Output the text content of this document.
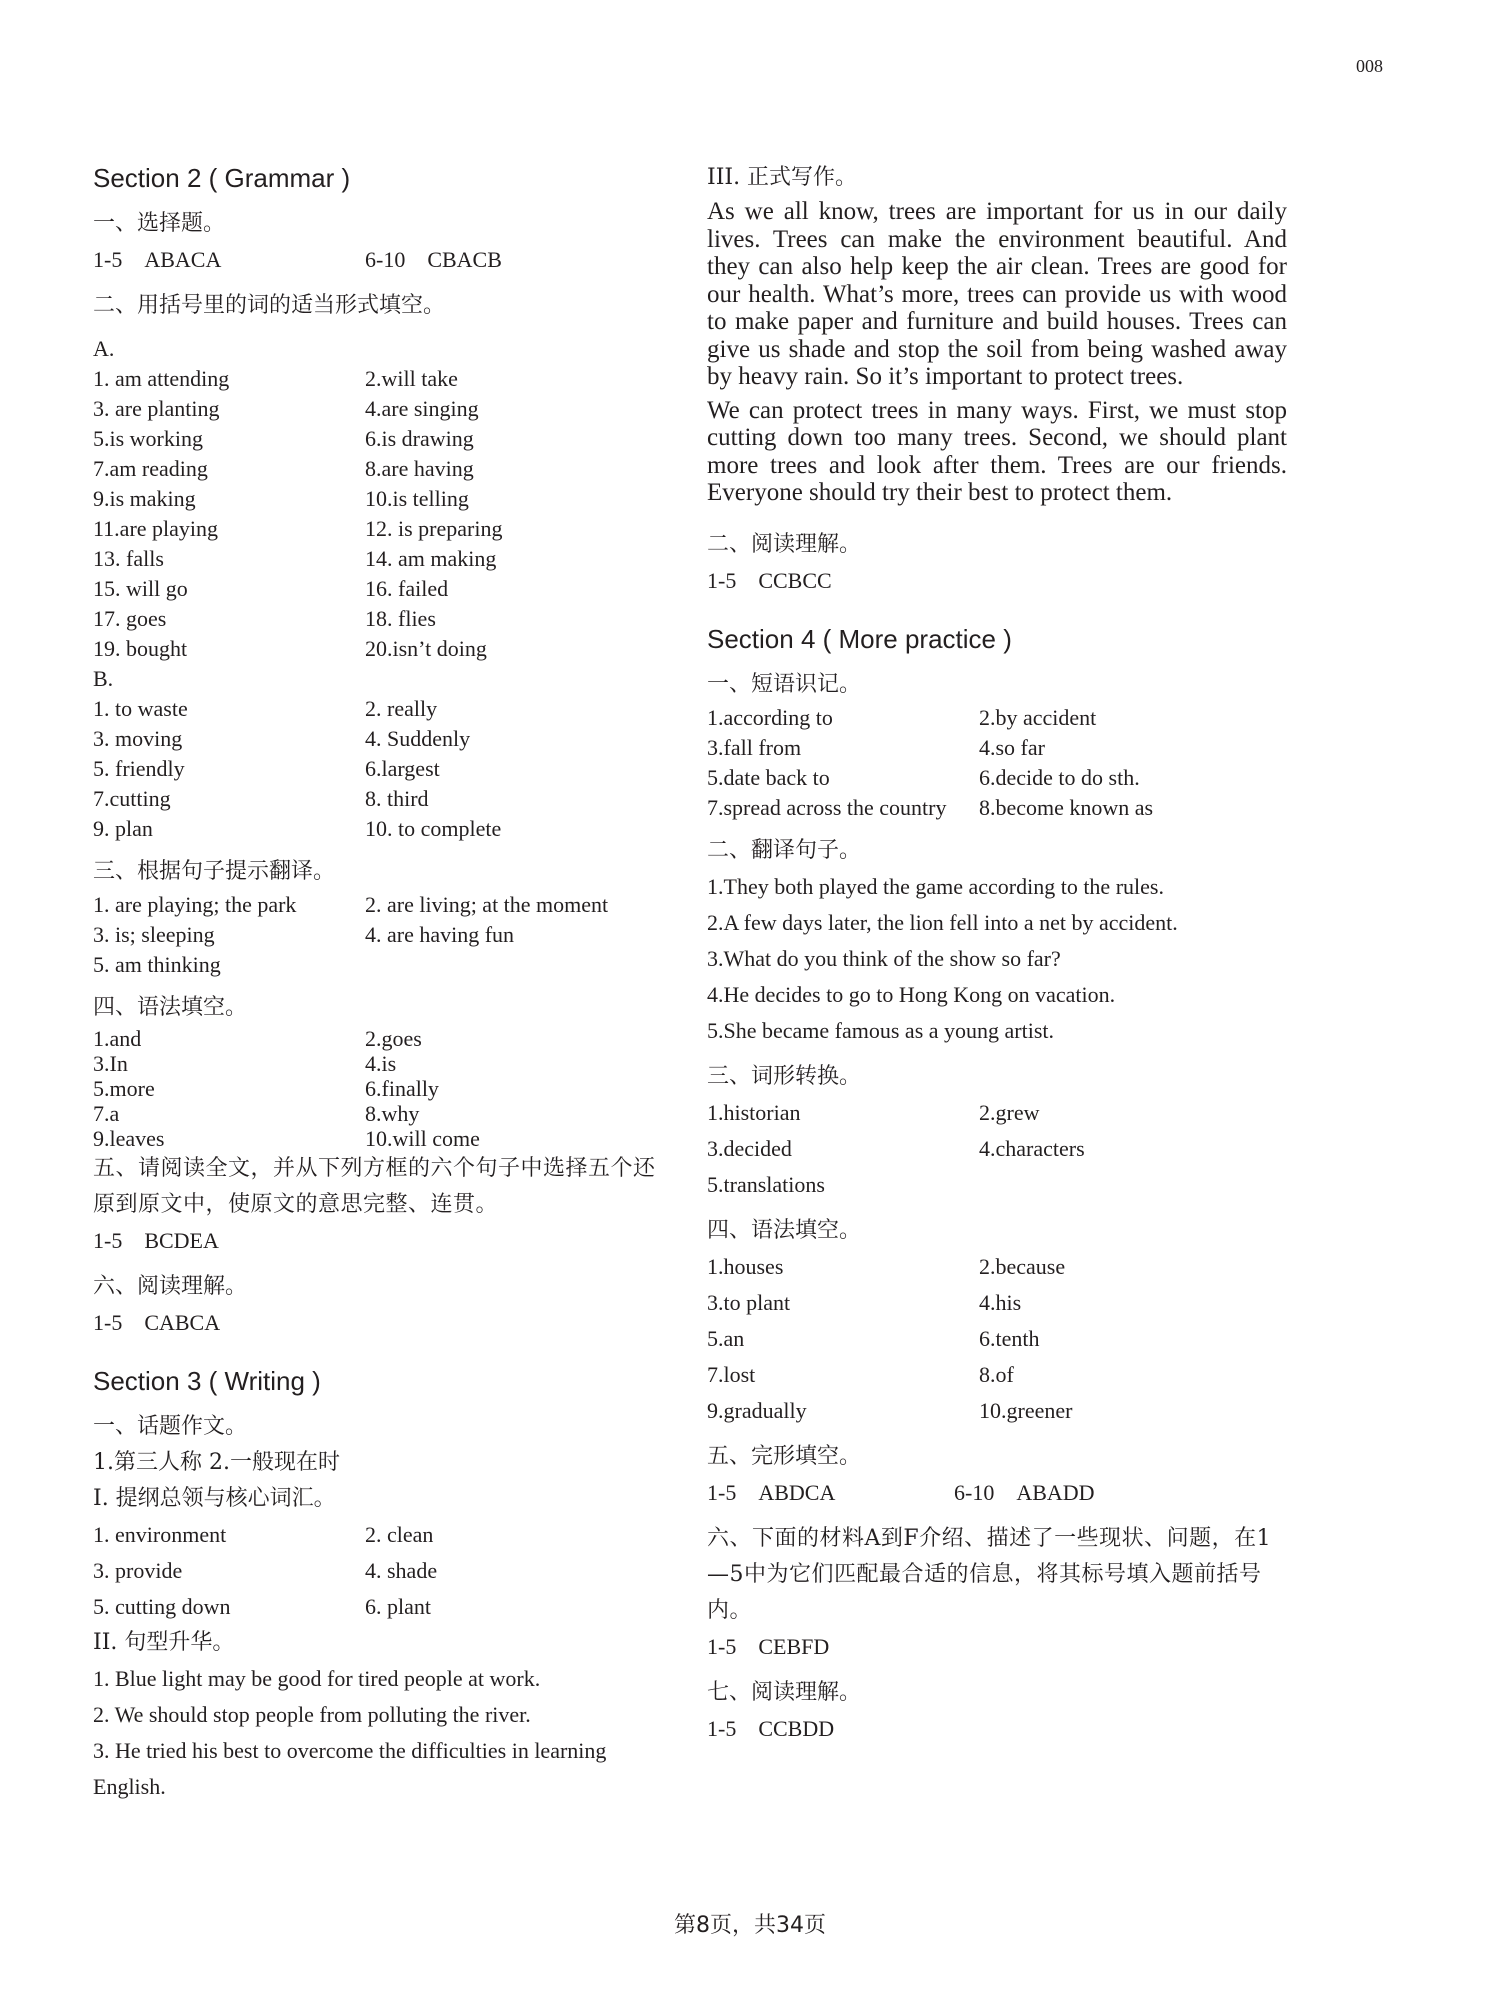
008
Section 2 ( Grammar )
一、选择题。
1-5　ABACA	6-10　CBACB
二、用括号里的词的适当形式填空。
A.
1. am attending	2.will take
3. are planting	4.are singing
5.is working	6.is drawing
7.am reading	8.are having
9.is making	10.is telling
11.are playing	12. is preparing
13. falls	14. am making
15. will go	16. failed
17. goes	18. flies
19. bought	20.isn’t doing
B.
1. to waste	2. really
3. moving	4. Suddenly
5. friendly	6.largest
7.cutting	8. third
9. plan	10. to complete
三、根据句子提示翻译。
1. are playing; the park	2. are living; at the moment
3. is; sleeping	4. are having fun
5. am thinking
四、语法填空。
1.and	2.goes
3.In	4.is
5.more	6.finally
7.a	8.why
9.leaves	10.will come
五、请阅读全文，并从下列方框的六个句子中选择五个还原到原文中，使原文的意思完整、连贯。
1-5　BCDEA
六、阅读理解。
1-5　CABCA
Section 3 ( Writing )
一、话题作文。
1.第三人称 2.一般现在时
I. 提纲总领与核心词汇。
1. environment	2. clean
3. provide	4. shade
5. cutting down	6. plant
II. 句型升华。
1. Blue light may be good for tired people at work.
2. We should stop people from polluting the river.
3. He tried his best to overcome the difficulties in learning English.
III. 正式写作。

As we all know, trees are important for us in our daily lives. Trees can make the environment beautiful. And they can also help keep the air clean. Trees are good for our health. What’s more, trees can provide us with wood to make paper and furniture and build houses. Trees can give us shade and stop the soil from being washed away by heavy rain. So it’s important to protect trees.

We can protect trees in many ways. First, we must stop cutting down too many trees. Second, we should plant more trees and look after them. Trees are our friends. Everyone should try their best to protect them.

二、阅读理解。
1-5　CCBCC
Section 4 ( More practice )
一、短语识记。
1.according to	2.by accident
3.fall from	4.so far
5.date back to	6.decide to do sth.
7.spread across the country	8.become known as
二、翻译句子。
1.They both played the game according to the rules.
2.A few days later, the lion fell into a net by accident.
3.What do you think of the show so far?
4.He decides to go to Hong Kong on vacation.
5.She became famous as a young artist.
三、词形转换。
1.historian	2.grew
3.decided	4.characters
5.translations
四、语法填空。
1.houses	2.because
3.to plant	4.his
5.an	6.tenth
7.lost	8.of
9.gradually	10.greener
五、完形填空。
1-5　ABDCA	6-10　ABADD
六、下面的材料A到F介绍、描述了一些现状、问题，在1—5中为它们匹配最合适的信息，将其标号填入题前括号内。
1-5　CEBFD
七、阅读理解。
1-5　CCBDD
第8页，共34页
